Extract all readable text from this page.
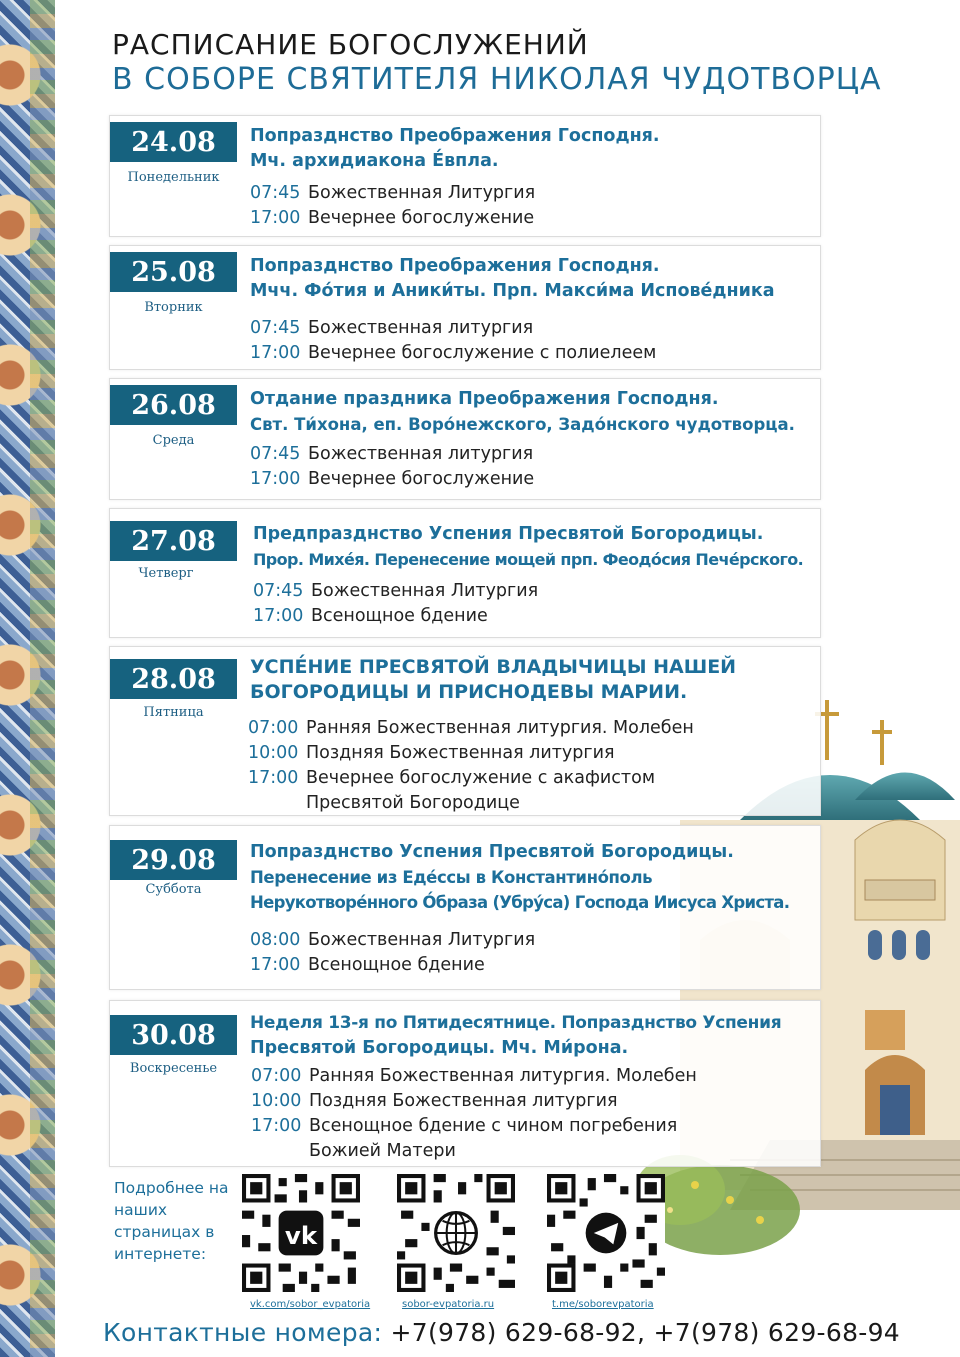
РАСПИСАНИЕ БОГОСЛУЖЕНИЙ
В СОБОРЕ СВЯТИТЕЛЯ НИКОЛАЯ ЧУДОТВОРЦА
24.08
Понедельник
Попразднство Преображения Господня.
Мч. архидиакона Е́впла.
07:45 Божественная Литургия
17:00 Вечернее богослужение
25.08
Вторник
Попразднство Преображения Господня.
Мчч. Фо́тия и Аники́ты. Прп. Макси́ма Испове́дника
07:45 Божественная литургия
17:00 Вечернее богослужение с полиелеем
26.08
Среда
Отдание праздника Преображения Господня.
Свт. Ти́хона, еп. Воро́нежского, Задо́нского чудотворца.
07:45 Божественная литургия
17:00 Вечернее богослужение
27.08
Четверг
Предпразднство Успения Пресвятой Богородицы.
Прор. Михе́я. Перенесение мощей прп. Феодо́сия Пече́рского.
07:45 Божественная Литургия
17:00 Всенощное бдение
28.08
Пятница
УСПЕ́НИЕ ПРЕСВЯТОЙ ВЛАДЫЧИЦЫ НАШЕЙ
БОГОРОДИЦЫ И ПРИСНОДЕВЫ МАРИИ.
07:00 Ранняя Божественная литургия. Молебен
10:00 Поздняя Божественная литургия
17:00 Вечернее богослужение с акафистом
Пресвятой Богородице
29.08
Суббота
Попразднство Успения Пресвятой Богородицы.
Перенесение из Еде́ссы в Константино́поль
Нерукотворе́нного О́браза (Убру́са) Господа Иисуса Христа.
08:00 Божественная Литургия
17:00 Всенощное бдение
30.08
Воскресенье
Неделя 13-я по Пятидесятнице. Попразднство Успения
Пресвятой Богородицы. Мч. Ми́рона.
07:00 Ранняя Божественная литургия. Молебен
10:00 Поздняя Божественная литургия
17:00 Всенощное бдение с чином погребения
Божией Матери
Подробнее на наших страницах в интернете:
vk
vk.com/sobor_evpatoria	sobor-evpatoria.ru	t.me/soborevpatoria
Контактные номера: +7(978) 629-68-92, +7(978) 629-68-94
